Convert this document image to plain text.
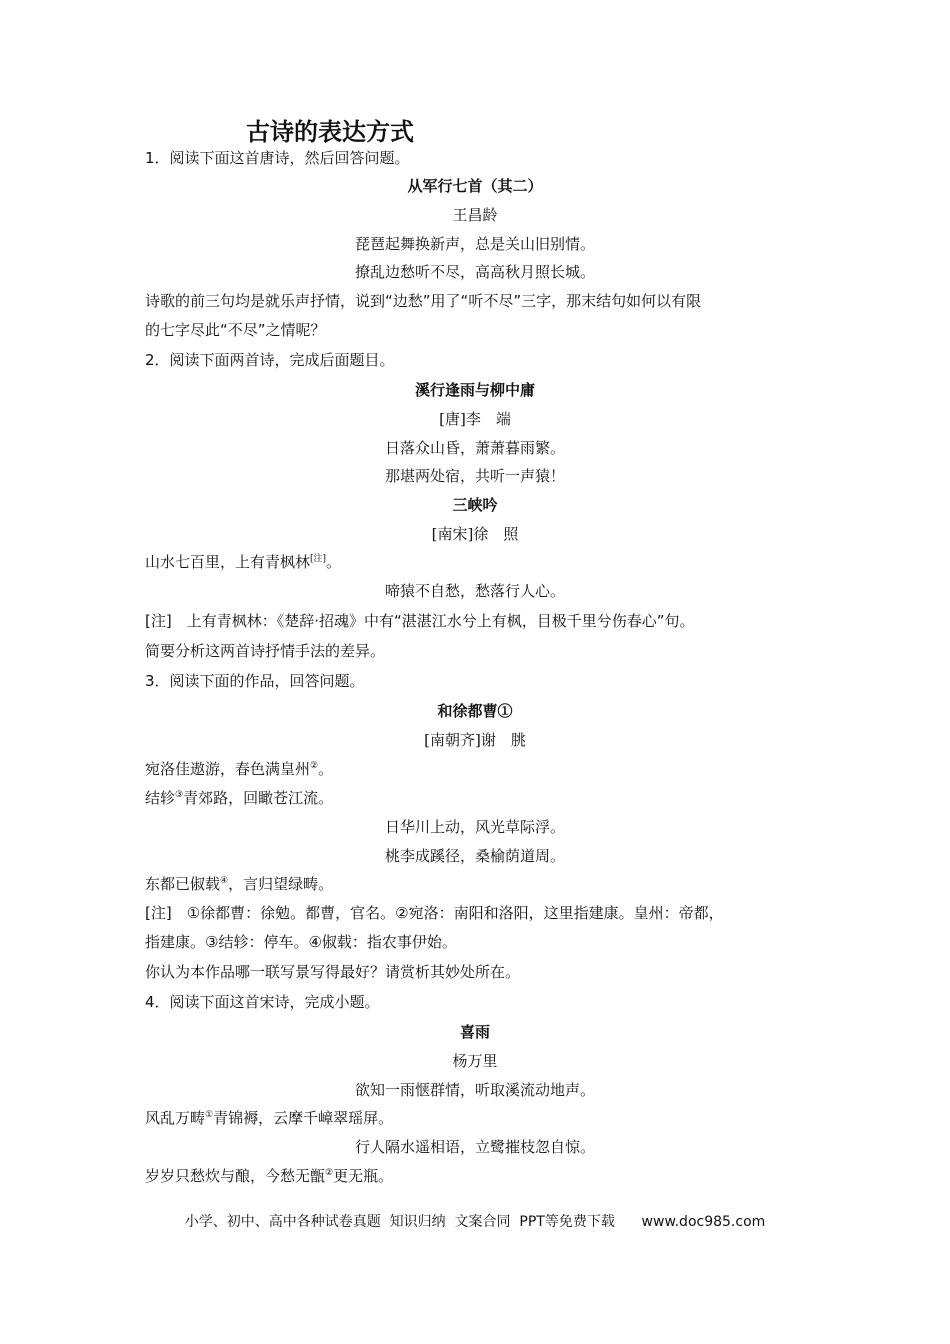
古诗的表达方式
1．阅读下面这首唐诗，然后回答问题。
从军行七首（其二）
王昌龄
琵琶起舞换新声，总是关山旧别情。
撩乱边愁听不尽，高高秋月照长城。
诗歌的前三句均是就乐声抒情，说到“边愁”用了“听不尽”三字，那末结句如何以有限
的七字尽此“不尽”之情呢？
2．阅读下面两首诗，完成后面题目。
溪行逢雨与柳中庸
[唐]李　端
日落众山昏，萧萧暮雨繁。
那堪两处宿，共听一声猿！
三峡吟
[南宋]徐　照
山水七百里，上有青枫林[注]。
啼猿不自愁，愁落行人心。
[注]　上有青枫林：《楚辞·招魂》中有“湛湛江水兮上有枫，目极千里兮伤春心”句。
简要分析这两首诗抒情手法的差异。
3．阅读下面的作品，回答问题。
和徐都曹①
[南朝齐]谢　朓
宛洛佳遨游，春色满皇州②。
结轸③青郊路，回瞰苍江流。
日华川上动，风光草际浮。
桃李成蹊径，桑榆荫道周。
东都已俶载④，言归望绿畴。
[注]　①徐都曹：徐勉。都曹，官名。②宛洛：南阳和洛阳，这里指建康。皇州：帝都，
指建康。③结轸：停车。④俶载：指农事伊始。
你认为本作品哪一联写景写得最好？请赏析其妙处所在。
4．阅读下面这首宋诗，完成小题。
喜雨
杨万里
欲知一雨惬群情，听取溪流动地声。
风乱万畴①青锦褥，云摩千嶂翠瑶屏。
行人隔水遥相语，立鹭摧枝忽自惊。
岁岁只愁炊与酿，今愁无甑②更无瓶。
小学、初中、高中各种试卷真题  知识归纳  文案合同  PPT等免费下载      www.doc985.com
